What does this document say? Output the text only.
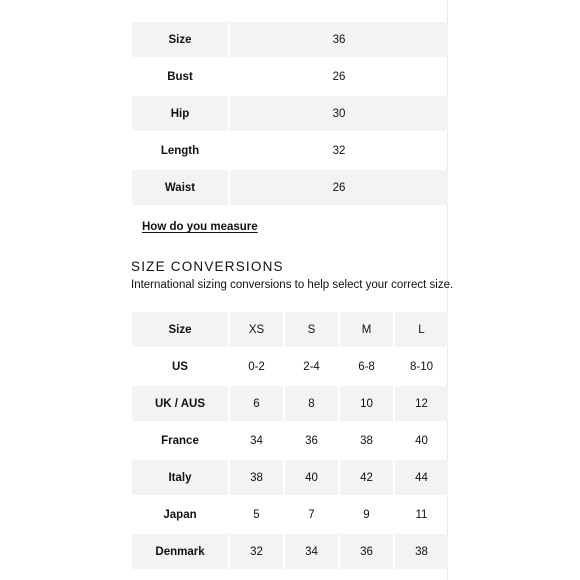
Size	36
Bust	26
Hip	30
Length	32
Waist	26
How do you measure
SIZE CONVERSIONS
International sizing conversions to help select your correct size.
Size	XS	S	M	L
US	0-2	2-4	6-8	8-10
UK / AUS	6	8	10	12
France	34	36	38	40
Italy	38	40	42	44
Japan	5	7	9	11
Denmark	32	34	36	38
